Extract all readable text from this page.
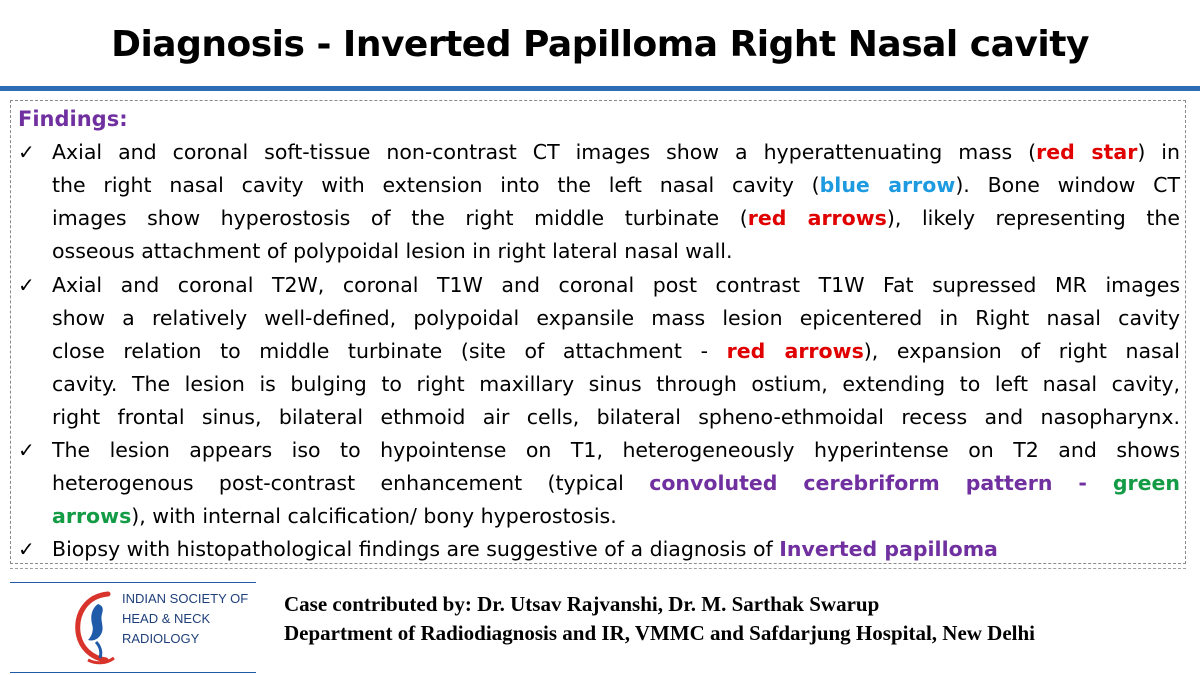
Diagnosis - Inverted Papilloma Right Nasal cavity
Findings:
✓ Axial and coronal soft-tissue non-contrast CT images show a hyperattenuating mass (red star) in
the right nasal cavity with extension into the left nasal cavity (blue arrow). Bone window CT
images show hyperostosis of the right middle turbinate (red arrows), likely representing the
osseous attachment of polypoidal lesion in right lateral nasal wall.
✓ Axial and coronal T2W, coronal T1W and coronal post contrast T1W Fat supressed MR images
show a relatively well-defined, polypoidal expansile mass lesion epicentered in Right nasal cavity
close relation to middle turbinate (site of attachment - red arrows), expansion of right nasal
cavity. The lesion is bulging to right maxillary sinus through ostium, extending to left nasal cavity,
right frontal sinus, bilateral ethmoid air cells, bilateral spheno-ethmoidal recess and nasopharynx.
✓ The lesion appears iso to hypointense on T1, heterogeneously hyperintense on T2 and shows
heterogenous post-contrast enhancement (typical convoluted cerebriform pattern - green
arrows), with internal calcification/ bony hyperostosis.
✓ Biopsy with histopathological findings are suggestive of a diagnosis of Inverted papilloma
INDIAN SOCIETY OF
HEAD & NECK
RADIOLOGY
Case contributed by: Dr. Utsav Rajvanshi, Dr. M. Sarthak Swarup
Department of Radiodiagnosis and IR, VMMC and Safdarjung Hospital, New Delhi
